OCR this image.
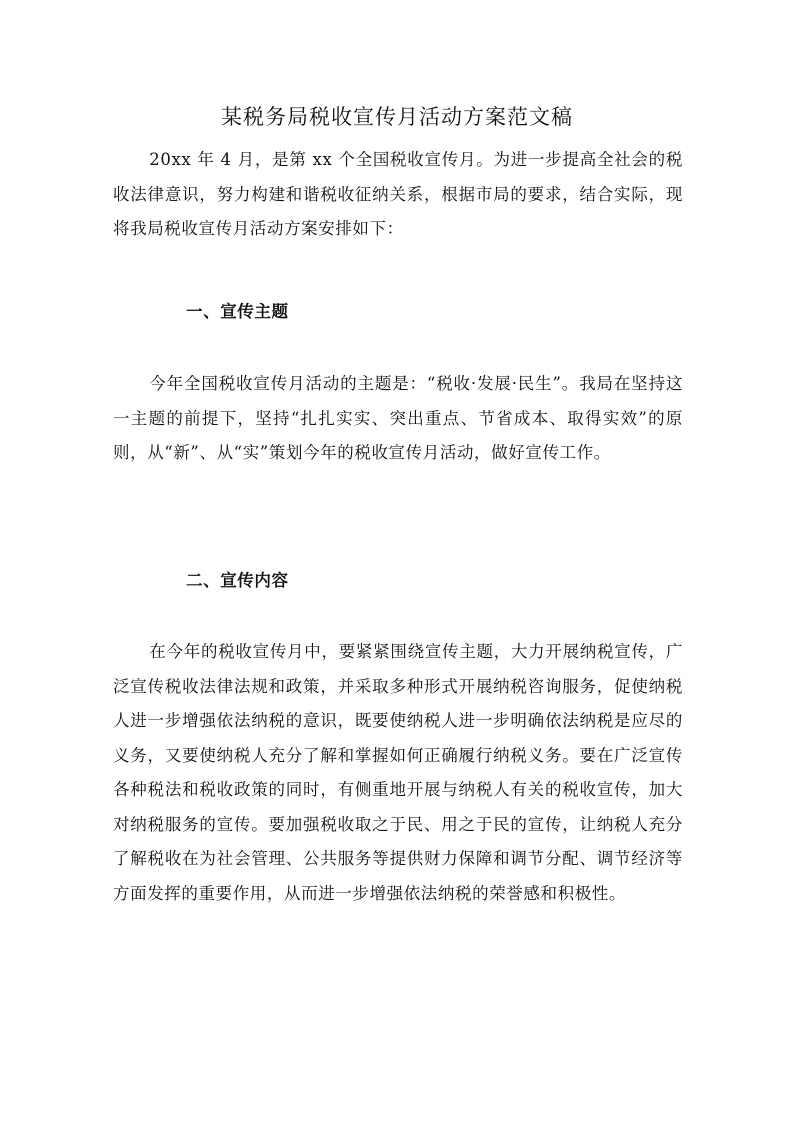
某税务局税收宣传月活动方案范文稿

20xx 年 4 月，是第 xx 个全国税收宣传月。为进一步提高全社会的税收法律意识，努力构建和谐税收征纳关系，根据市局的要求，结合实际，现将我局税收宣传月活动方案安排如下：

一、宣传主题

今年全国税收宣传月活动的主题是：“税收·发展·民生”。我局在坚持这一主题的前提下，坚持“扎扎实实、突出重点、节省成本、取得实效”的原则，从“新”、从“实”策划今年的税收宣传月活动，做好宣传工作。

二、宣传内容

在今年的税收宣传月中，要紧紧围绕宣传主题，大力开展纳税宣传，广泛宣传税收法律法规和政策，并采取多种形式开展纳税咨询服务，促使纳税人进一步增强依法纳税的意识，既要使纳税人进一步明确依法纳税是应尽的义务，又要使纳税人充分了解和掌握如何正确履行纳税义务。要在广泛宣传各种税法和税收政策的同时，有侧重地开展与纳税人有关的税收宣传，加大对纳税服务的宣传。要加强税收取之于民、用之于民的宣传，让纳税人充分了解税收在为社会管理、公共服务等提供财力保障和调节分配、调节经济等方面发挥的重要作用，从而进一步增强依法纳税的荣誉感和积极性。
